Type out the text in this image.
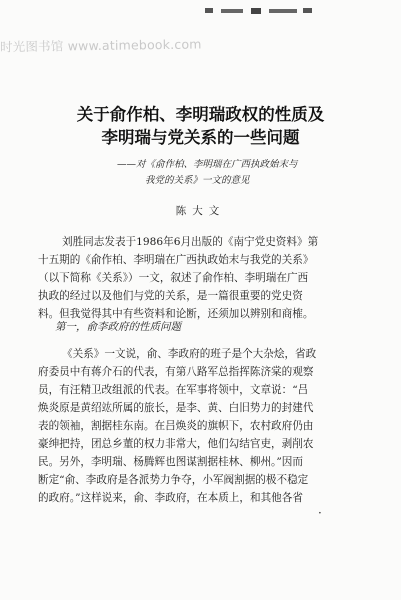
时光图书馆 www.atimebook.com
关于俞作柏、李明瑞政权的性质及
李明瑞与党关系的一些问题
——对《俞作柏、李明瑞在广西执政始末与
我党的关系》一文的意见
陈大文
刘胜同志发表于1986年6月出版的《南宁党史资料》第
十五期的《俞作柏、李明瑞在广西执政始末与我党的关系》
（以下简称《关系》）一文，叙述了俞作柏、李明瑞在广西
执政的经过以及他们与党的关系，是一篇很重要的党史资
料。但我觉得其中有些资料和论断，还须加以辨别和商榷。
第一，俞李政府的性质问题
《关系》一文说，俞、李政府的班子是个大杂烩，省政
府委员中有蒋介石的代表，有第八路军总指挥陈济棠的观察
员，有汪精卫改组派的代表。在军事将领中，文章说：“吕
焕炎原是黄绍竑所属的旅长，是李、黄、白旧势力的封建代
表的领袖，割据桂东南。在吕焕炎的旗帜下，农村政府仍由
豪绅把持，团总乡董的权力非常大，他们勾结官吏，剥削农
民。另外，李明瑞、杨腾辉也图谋割据桂林、柳州。”因而
断定“俞、李政府是各派势力争夺，小军阀割据的极不稳定
的政府。”这样说来，俞、李政府，在本质上，和其他各省
·
